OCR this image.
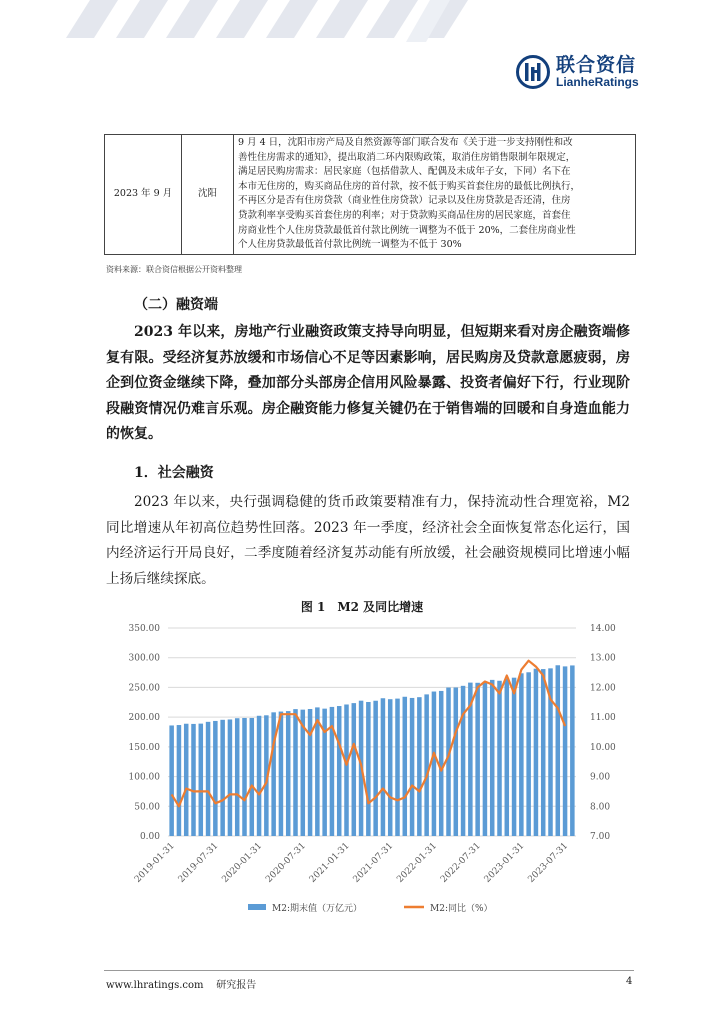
联合资信
LianheRatings
2023 年 9 月	沈阳	
9 月 4 日，沈阳市房产局及自然资源等部门联合发布《关于进一步支持刚性和改
善性住房需求的通知》，提出取消二环内限购政策，取消住房销售限制年限规定，
满足居民购房需求：居民家庭（包括借款人、配偶及未成年子女，下同）名下在
本市无住房的，购买商品住房的首付款，按不低于购买首套住房的最低比例执行，
不再区分是否有住房贷款（商业性住房贷款）记录以及住房贷款是否还清，住房
贷款利率享受购买首套住房的利率；对于贷款购买商品住房的居民家庭，首套住
房商业性个人住房贷款最低首付款比例统一调整为不低于 20%，二套住房商业性
个人住房贷款最低首付款比例统一调整为不低于 30%
资料来源：联合资信根据公开资料整理
（二）融资端
2023 年以来，房地产行业融资政策支持导向明显，但短期来看对房企融资端修复有限。受经济复苏放缓和市场信心不足等因素影响，居民购房及贷款意愿疲弱，房企到位资金继续下降，叠加部分头部房企信用风险暴露、投资者偏好下行，行业现阶段融资情况仍难言乐观。房企融资能力修复关键仍在于销售端的回暖和自身造血能力的恢复。
1．社会融资
2023 年以来，央行强调稳健的货币政策要精准有力，保持流动性合理宽裕，M2 同比增速从年初高位趋势性回落。2023 年一季度，经济社会全面恢复常态化运行，国内经济运行开局良好，二季度随着经济复苏动能有所放缓，社会融资规模同比增速小幅上扬后继续探底。
图 1　M2 及同比增速
0.00
50.00
100.00
150.00
200.00
250.00
300.00
350.00
7.00
8.00
9.00
10.00
11.00
12.00
13.00
14.00
2019-01-31 2019-07-31 2020-01-31 2020-07-31 2021-01-31 2021-07-31 2022-01-31 2022-07-31 2023-01-31 2023-07-31
M2:期末值（万亿元）	M2:同比（%）
www.lhratings.com 研究报告	4
